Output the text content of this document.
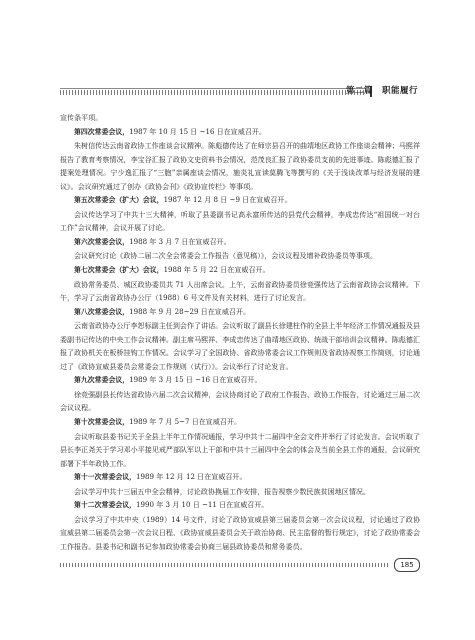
第二篇　职能履行

宣传条平项。

第四次常委会议，1987 年 10 月 15 日 ~16 日在宣威召开。

朱树信传达云南省政协工作座谈会议精神。陈彪德传达了在师宗县召开的曲靖地区政协工作座谈会精神；马熙祥报告了教育考察情况，李宝谷汇报了政协文史资料书会情况，范茂良汇报了政协委员支前的先进事迹。陈彪德汇报了提案处理情况。宁少逸汇报了“三胞”亲属座谈会情况，施炎礼宣读莫腾飞等撰写的《关于浅谈改革与经济发展的建议》。会议研究通过了创办《政协会刊》《政协宣传栏》等事项。

第五次常委会（扩大）会议，1987 年 12 月 8 日 ~9 日在宣威召开。

会议传达学习了中共十三大精神，听取了县委副书记高永富所传达的县党代会精神，李成忠传达“祖国统一对台工作”会议精神，会议开展了讨论。

第六次常委会议，1988 年 3 月 7 日在宣威召开。

会议研究讨论《政协二届二次全会常委会工作报告（意见稿）》，会议议程及增补政协委员等事项。

第七次常委会（扩大）会议，1988 年 5 月 22 日在宣威召开。

政协常务委员、城区政协委员共 71 人出席会议。上午，云南省政协委员徐竞强传达了云南省政协会议精神。下午，学习了云南省政协办公厅（1988）6 号文件及有关材料，进行了讨论发言。

第八次常委会议，1988 年 9 月 28~29 日在宣威召开。

云南省政协办公厅李恕标副主任到会作了讲话。会议听取了副县长徐建柱作的全县上半年经济工作情况通报及县委副书记传达的中央工作会议精神。副主席马熙祥、李成忠传达了曲靖地区政协、统战干部培训会议精神。陈彪德汇报了政协机关在板桥挂钩工作情况。会议学习了全国政协、省政协常委会议工作规则及省政协视察工作简则，讨论通过了《政协宣威县委员会常委会工作规则（试行）》。会议举行了讨论发言。

第九次常委会议，1989 年 3 月 15 日 ~16 日在宣威召开。

徐竞强副县长传达省政协六届二次会议精神，会议协商讨论了政府工作报告、政协工作报告，讨论通过三届二次会议议程。

第十次常委会议，1989 年 7 月 5~7 日在宣威召开。

会议听取县委书记关于全县上半年工作情况通报，学习中共十二届四中全会文件并举行了讨论发言。会议听取了县长李正尧关于学习邓小平接见戒严部队军以上干部和中共十三届四中全会的体会及当前全县工作的通报，会议研究部署下半年政协工作。

第十一次常委会议，1989 年 12 月 12 日在宣威召开。

会议学习中共十三届五中全会精神，讨论政协换届工作安排，报告视察少数民族贫困地区情况。

第十二次常委会议，1990 年 3 月 10 日 ~11 日在宣威召开。

会议学习了中共中央（1989）14 号文件，讨论了政协宣威县第三届委员会第一次会议议程，讨论通过了政协宣威县第二届委员会第一次会议日程、《政协宣威县委员会关于政治协商、民主监督的暂行规定》，讨论了政协常委会工作报告。县委书记和副书记参加政协常委会协商三届县政协委员和常务委员。

185
